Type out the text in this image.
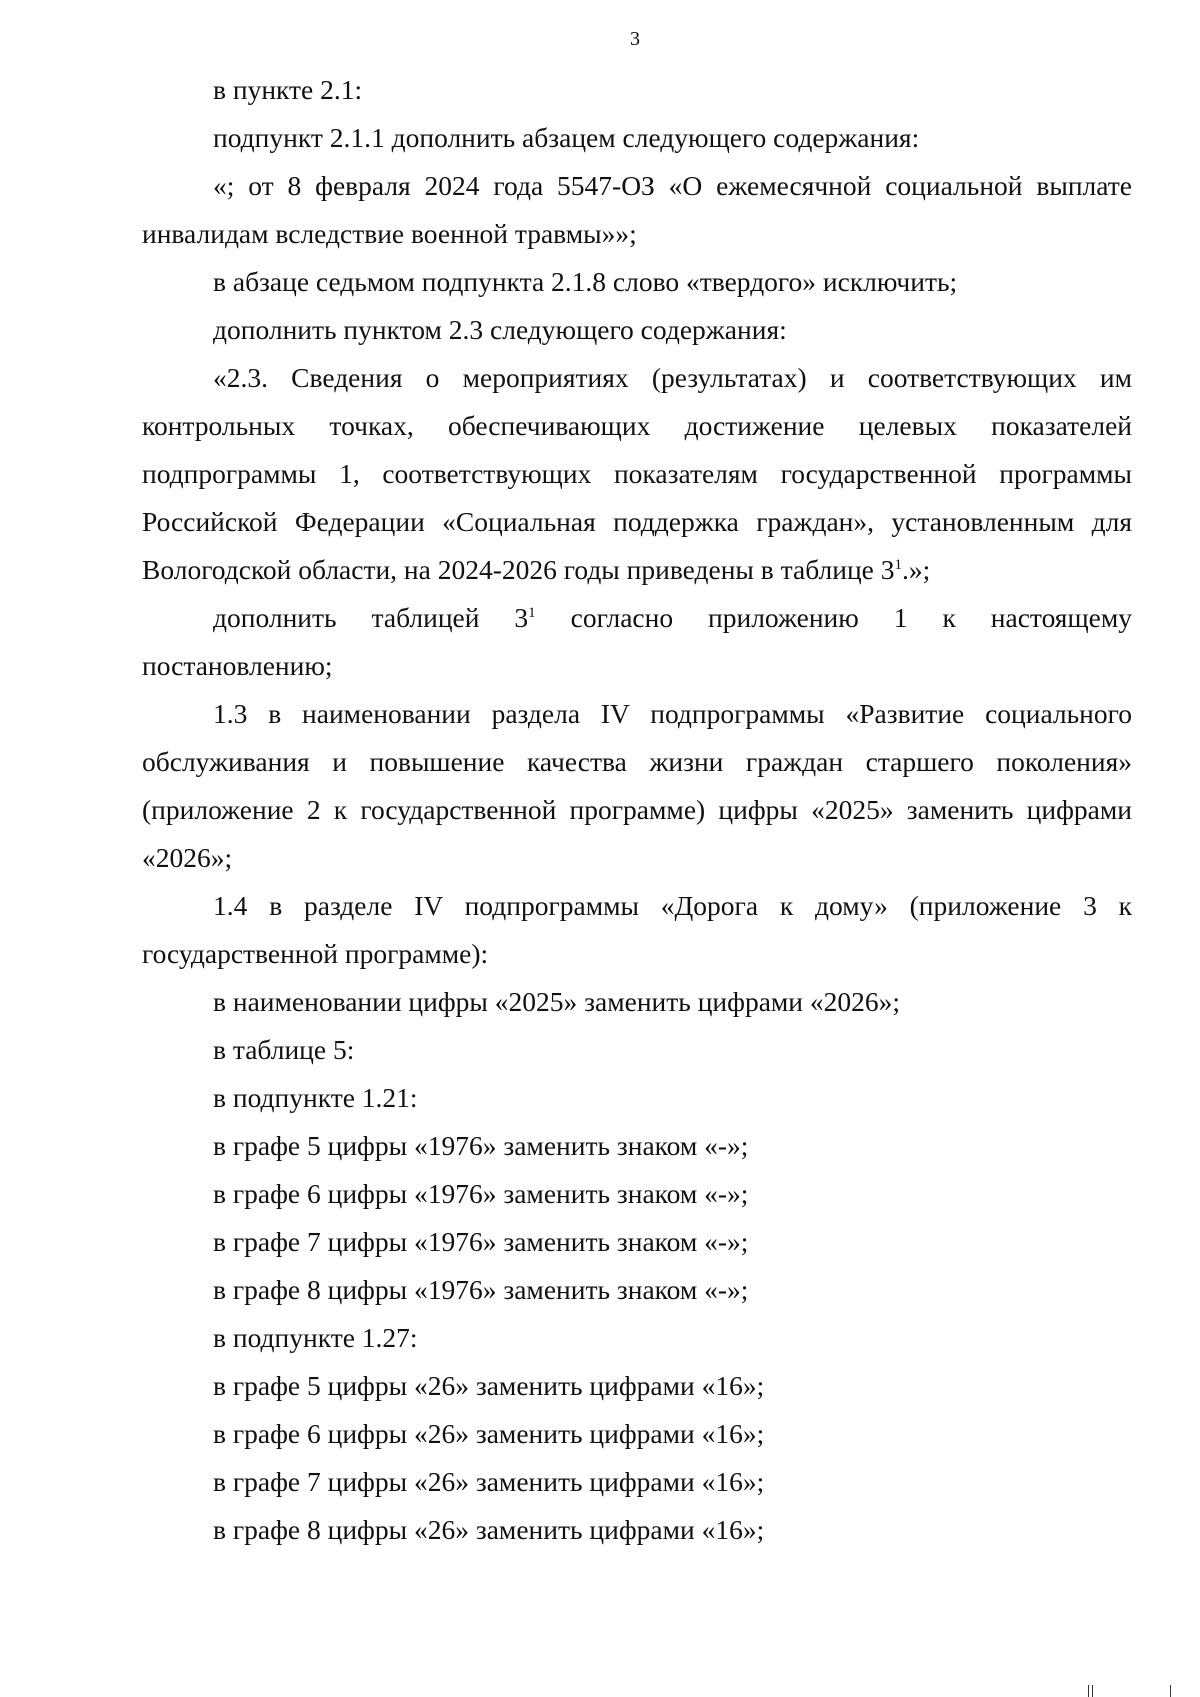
3

в пункте 2.1:

подпункт 2.1.1 дополнить абзацем следующего содержания:

«; от 8 февраля 2024 года 5547-ОЗ «О ежемесячной социальной выплате инвалидам вследствие военной травмы»»;

в абзаце седьмом подпункта 2.1.8 слово «твердого» исключить;

дополнить пунктом 2.3 следующего содержания:

«2.3. Сведения о мероприятиях (результатах) и соответствующих им контрольных точках, обеспечивающих достижение целевых показателей подпрограммы 1, соответствующих показателям государственной программы Российской Федерации «Социальная поддержка граждан», установленным для Вологодской области, на 2024-2026 годы приведены в таблице $3^1$.»;

дополнить таблицей $3^1$ согласно приложению 1 к настоящему постановлению;

1.3 в наименовании раздела IV подпрограммы «Развитие социального обслуживания и повышение качества жизни граждан старшего поколения» (приложение 2 к государственной программе) цифры «2025» заменить цифрами «2026»;

1.4 в разделе IV подпрограммы «Дорога к дому» (приложение 3 к государственной программе):

в наименовании цифры «2025» заменить цифрами «2026»;

в таблице 5:

в подпункте 1.21:

в графе 5 цифры «1976» заменить знаком «-»;

в графе 6 цифры «1976» заменить знаком «-»;

в графе 7 цифры «1976» заменить знаком «-»;

в графе 8 цифры «1976» заменить знаком «-»;

в подпункте 1.27:

в графе 5 цифры «26» заменить цифрами «16»;

в графе 6 цифры «26» заменить цифрами «16»;

в графе 7 цифры «26» заменить цифрами «16»;

в графе 8 цифры «26» заменить цифрами «16»;
